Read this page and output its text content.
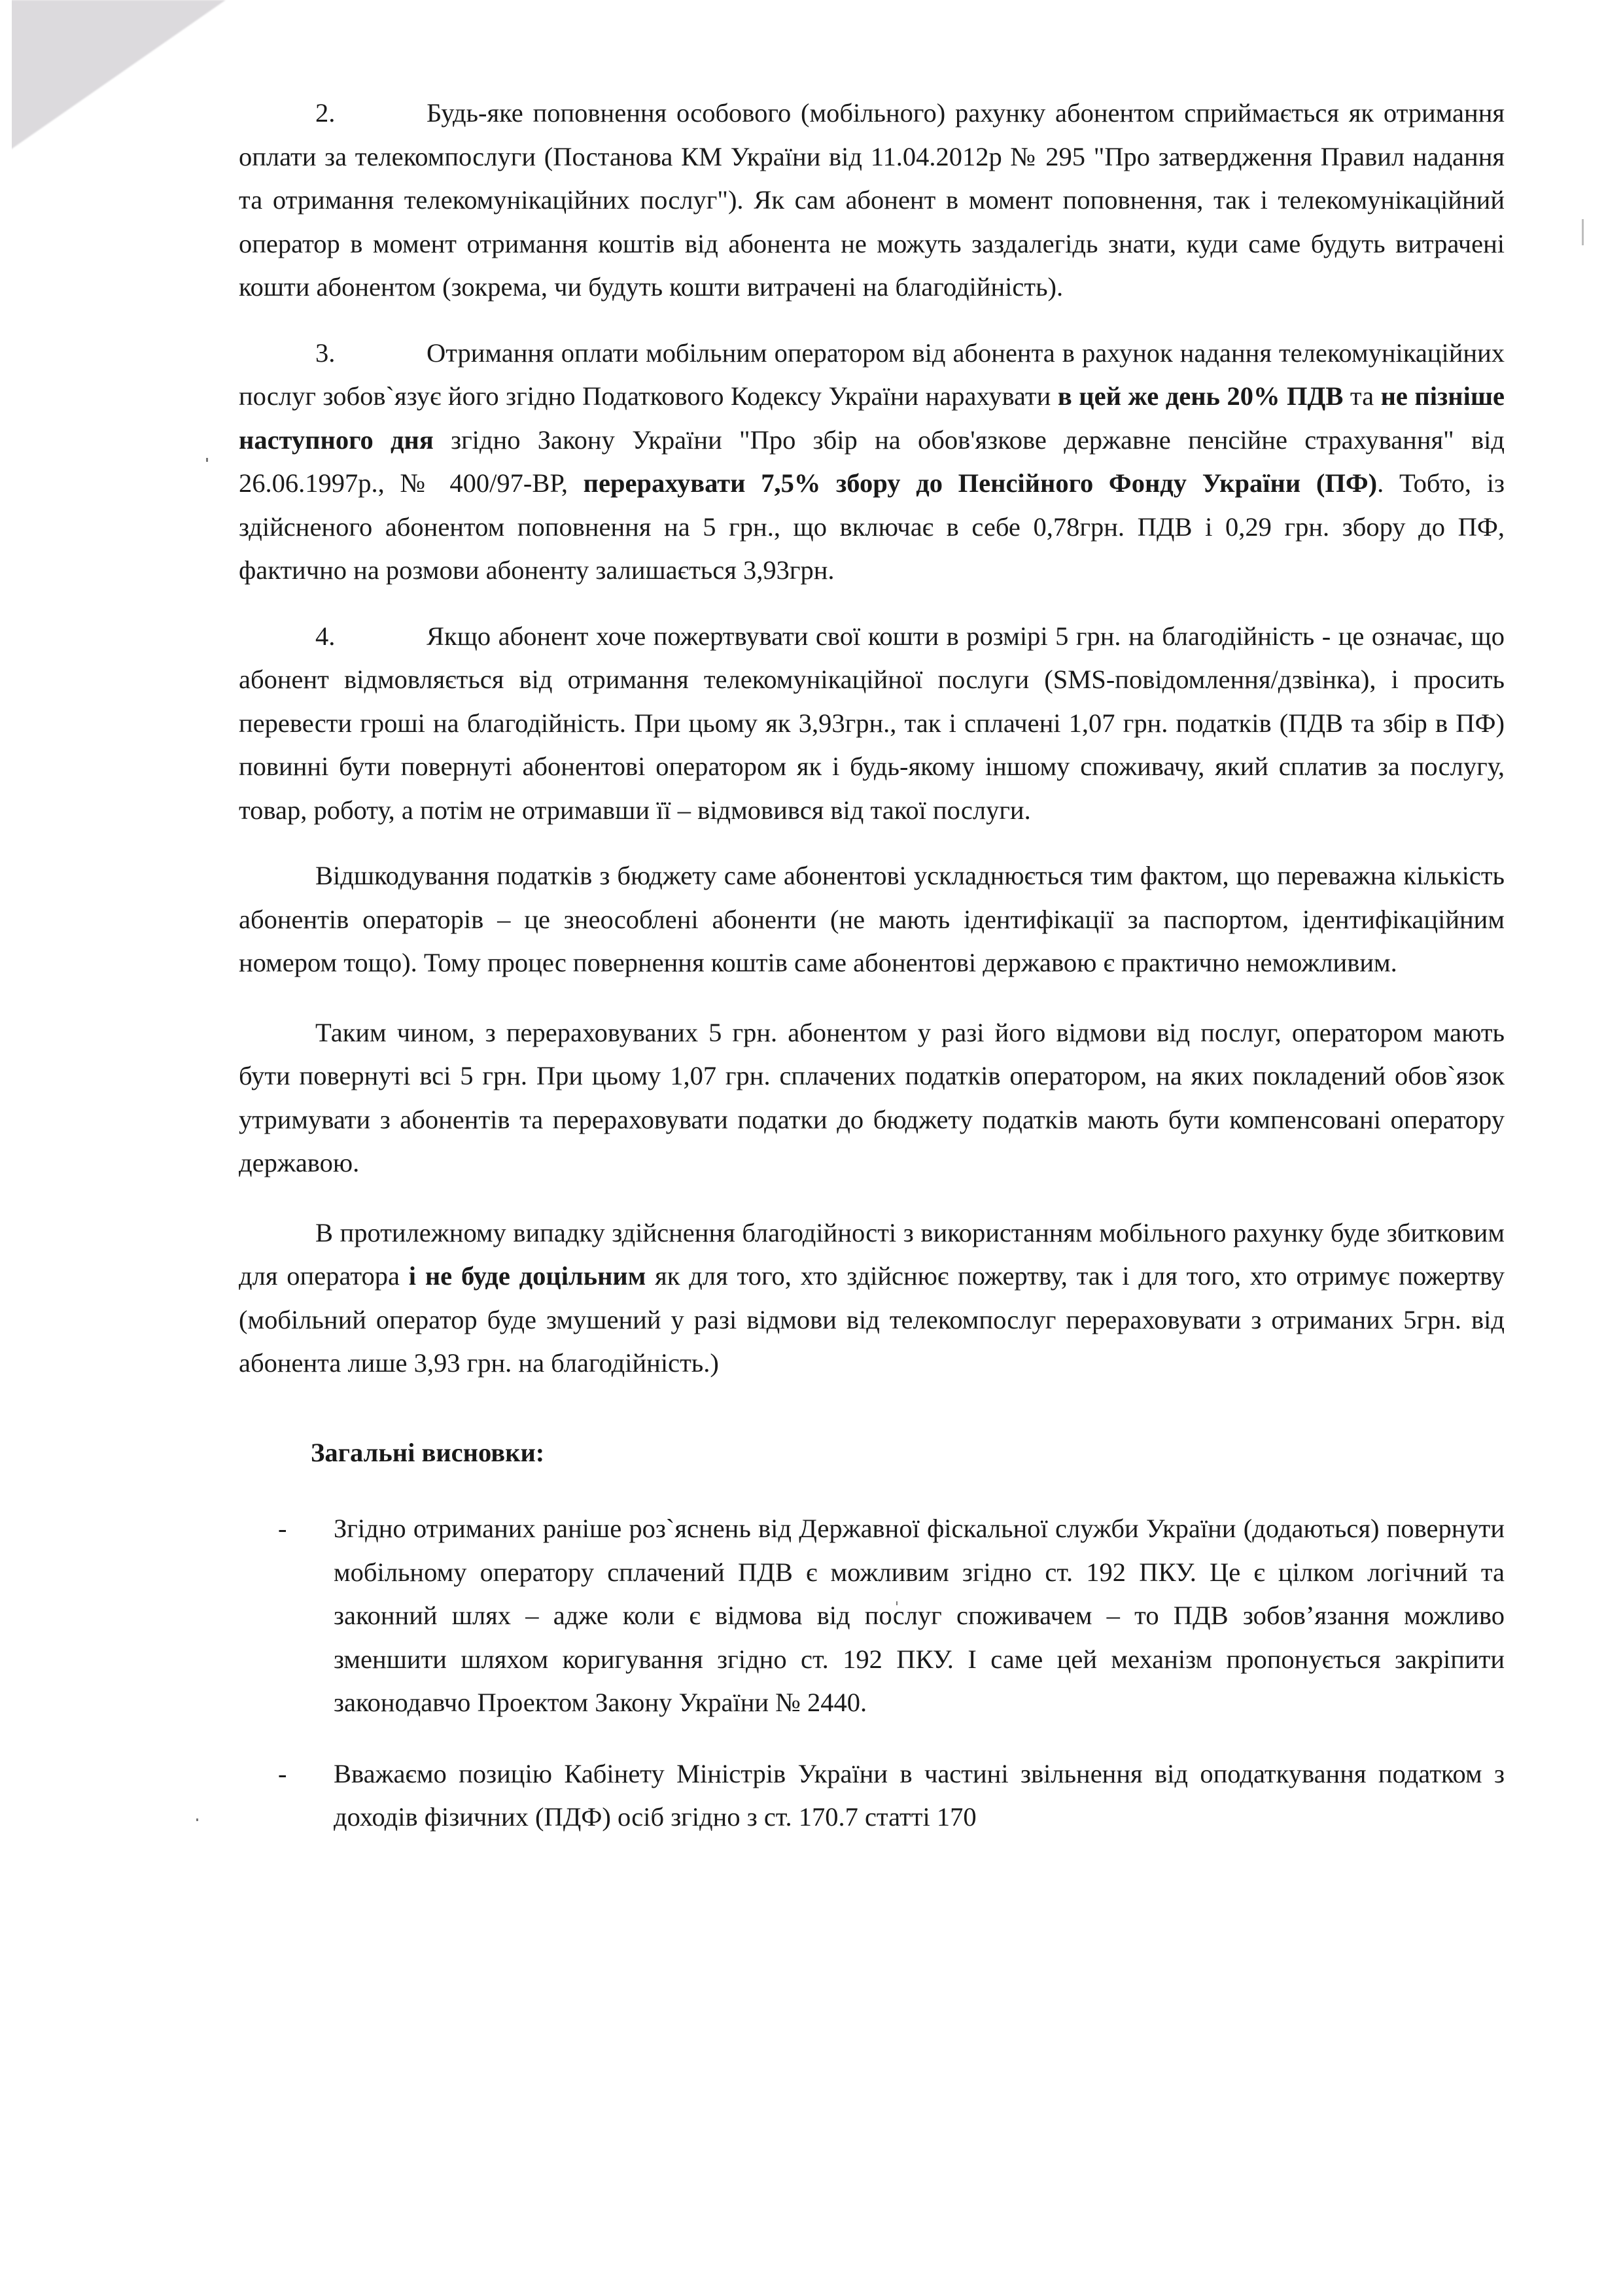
2.	Будь-яке поповнення особового (мобільного) рахунку абонентом сприймається як отримання оплати за телекомпослуги (Постанова КМ України від 11.04.2012р № 295 "Про затвердження Правил надання та отримання телекомунікаційних послуг"). Як сам абонент в момент поповнення, так і телекомунікаційний оператор в момент отримання коштів від абонента не можуть заздалегідь знати, куди саме будуть витрачені кошти абонентом (зокрема, чи будуть кошти витрачені на благодійність).

3.	Отримання оплати мобільним оператором від абонента в рахунок надання телекомунікаційних послуг зобов`язує його згідно Податкового Кодексу України нарахувати в цей же день 20% ПДВ та не пізніше наступного дня згідно Закону України "Про збір на обов'язкове державне пенсійне страхування" від 26.06.1997р., № 400/97-ВР, перерахувати 7,5% збору до Пенсійного Фонду України (ПФ). Тобто, із здійсненого абонентом поповнення на 5 грн., що включає в себе 0,78грн. ПДВ і 0,29 грн. збору до ПФ, фактично на розмови абоненту залишається 3,93грн.

4.	Якщо абонент хоче пожертвувати свої кошти в розмірі 5 грн. на благодійність - це означає, що абонент відмовляється від отримання телекомунікаційної послуги (SMS-повідомлення/дзвінка), і просить перевести гроші на благодійність. При цьому як 3,93грн., так і сплачені 1,07 грн. податків (ПДВ та збір в ПФ) повинні бути повернуті абонентові оператором як і будь-якому іншому споживачу, який сплатив за послугу, товар, роботу, а потім не отримавши її – відмовився від такої послуги.

Відшкодування податків з бюджету саме абонентові ускладнюється тим фактом, що переважна кількість абонентів операторів – це знеособлені абоненти (не мають ідентифікації за паспортом, ідентифікаційним номером тощо). Тому процес повернення коштів саме абонентові державою є практично неможливим.

Таким чином, з перераховуваних 5 грн. абонентом у разі його відмови від послуг, оператором мають бути повернуті всі 5 грн. При цьому 1,07 грн. сплачених податків оператором, на яких покладений обов`язок утримувати з абонентів та перераховувати податки до бюджету податків мають бути компенсовані оператору державою.

В протилежному випадку здійснення благодійності з використанням мобільного рахунку буде збитковим для оператора і не буде доцільним як для того, хто здійснює пожертву, так і для того, хто отримує пожертву (мобільний оператор буде змушений у разі відмови від телекомпослуг перераховувати з отриманих 5грн. від абонента лише 3,93 грн. на благодійність.)

Загальні висновки:

- Згідно отриманих раніше роз`яснень від Державної фіскальної служби України (додаються) повернути мобільному оператору сплачений ПДВ є можливим згідно ст. 192 ПКУ. Це є цілком логічний та законний шлях – адже коли є відмова від послуг споживачем – то ПДВ зобов’язання можливо зменшити шляхом коригування згідно ст. 192 ПКУ. І саме цей механізм пропонується закріпити законодавчо Проектом Закону України № 2440.

- Вважаємо позицію Кабінету Міністрів України в частині звільнення від оподаткування податком з доходів фізичних (ПДФ) осіб згідно з ст. 170.7 статті 170
